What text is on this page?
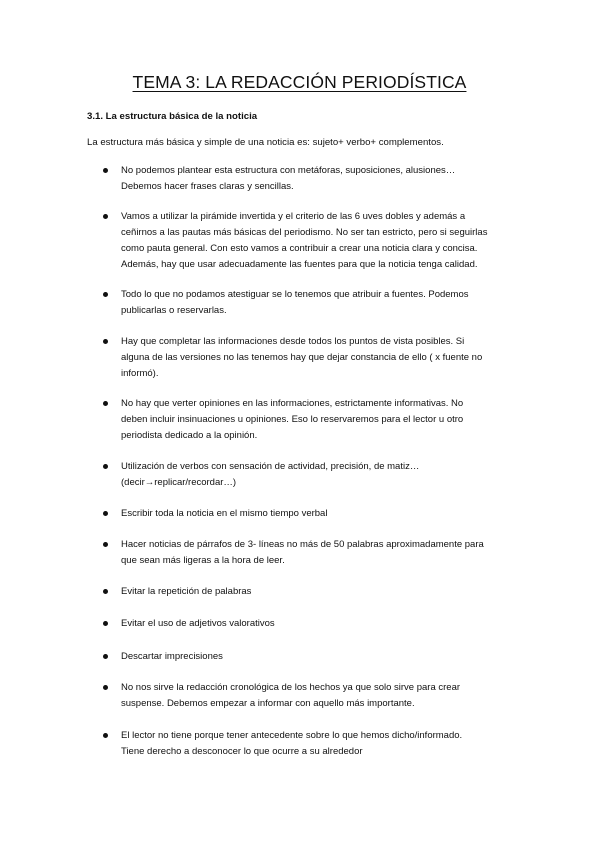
TEMA 3: LA REDACCIÓN PERIODÍSTICA
3.1. La estructura básica de la noticia
La estructura más básica y simple de una noticia es: sujeto+ verbo+ complementos.
No podemos plantear esta estructura con metáforas, suposiciones, alusiones…
Debemos hacer frases claras y sencillas.
Vamos a utilizar la pirámide invertida y el criterio de las 6 uves dobles y además a
ceñirnos a las pautas más básicas del periodismo. No ser tan estricto, pero si seguirlas
como pauta general. Con esto vamos a contribuir a crear una noticia clara y concisa.
Además, hay que usar adecuadamente las fuentes para que la noticia tenga calidad.
Todo lo que no podamos atestiguar se lo tenemos que atribuir a fuentes. Podemos
publicarlas o reservarlas.
Hay que completar las informaciones desde todos los puntos de vista posibles. Si
alguna de las versiones no las tenemos hay que dejar constancia de ello ( x fuente no
informó).
No hay que verter opiniones en las informaciones, estrictamente informativas. No
deben incluir insinuaciones u opiniones. Eso lo reservaremos para el lector u otro
periodista dedicado a la opinión.
Utilización de verbos con sensación de actividad, precisión, de matiz…
(decir→replicar/recordar…)
Escribir toda la noticia en el mismo tiempo verbal
Hacer noticias de párrafos de 3- líneas no más de 50 palabras aproximadamente para
que sean más ligeras a la hora de leer.
Evitar la repetición de palabras
Evitar el uso de adjetivos valorativos
Descartar imprecisiones
No nos sirve la redacción cronológica de los hechos ya que solo sirve para crear
suspense. Debemos empezar a informar con aquello más importante.
El lector no tiene porque tener antecedente sobre lo que hemos dicho/informado.
Tiene derecho a desconocer lo que ocurre a su alrededor
